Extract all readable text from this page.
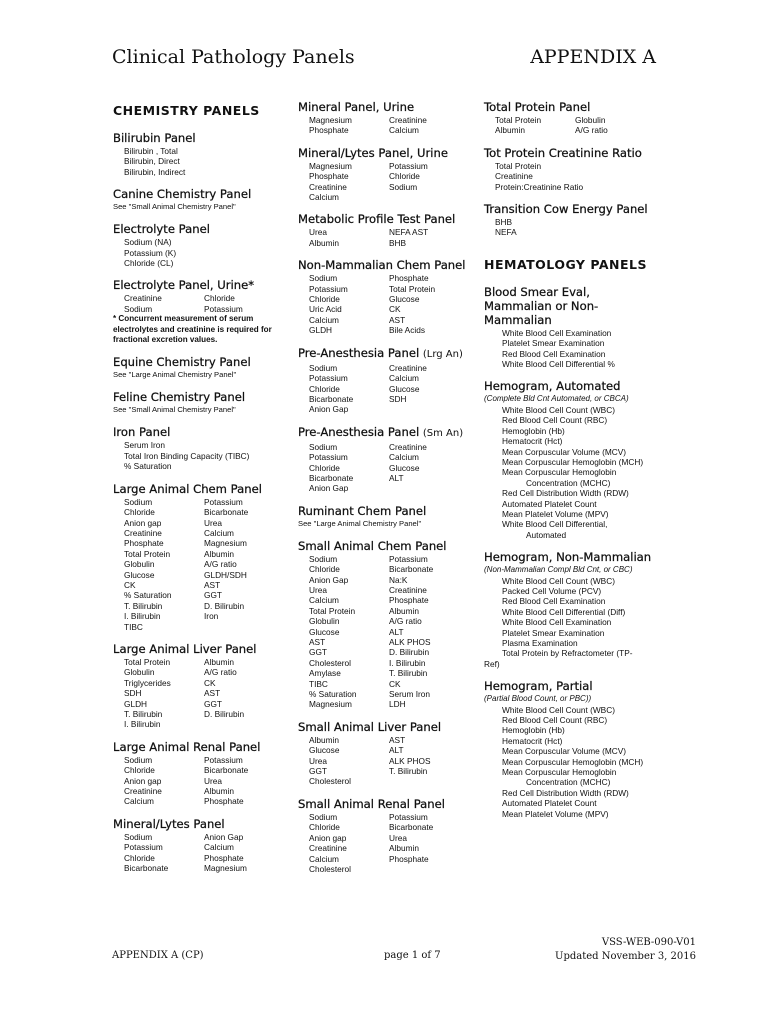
Clinical Pathology Panels	APPENDIX A
CHEMISTRY PANELS
Bilirubin Panel
Bilirubin , Total
Bilirubin, Direct
Bilirubin, Indirect
Canine Chemistry Panel
See "Small Animal Chemistry Panel"
Electrolyte Panel
Sodium (NA)
Potassium (K)
Chloride (CL)
Electrolyte Panel, Urine*
Creatinine	Chloride
Sodium	Potassium
* Concurrent measurement of serum electrolytes and creatinine is required for fractional excretion values.
Equine Chemistry Panel
See "Large Animal Chemistry Panel"
Feline Chemistry Panel
See "Small Animal Chemistry Panel"
Iron Panel
Serum Iron
Total Iron Binding Capacity (TIBC)
% Saturation
Large Animal Chem Panel
Sodium	Potassium
Chloride	Bicarbonate
Anion gap	Urea
Creatinine	Calcium
Phosphate	Magnesium
Total Protein	Albumin
Globulin	A/G ratio
Glucose	GLDH/SDH
CK	AST
% Saturation	GGT
T. Bilirubin	D. Bilirubin
I. Bilirubin	Iron
TIBC
Large Animal Liver Panel
Total Protein	Albumin
Globulin	A/G ratio
Triglycerides	CK
SDH	AST
GLDH	GGT
T. Bilirubin	D. Bilirubin
I. Bilirubin
Large Animal Renal Panel
Sodium	Potassium
Chloride	Bicarbonate
Anion gap	Urea
Creatinine	Albumin
Calcium	Phosphate
Mineral/Lytes Panel
Sodium	Anion Gap
Potassium	Calcium
Chloride	Phosphate
Bicarbonate	Magnesium
Mineral Panel, Urine
Magnesium	Creatinine
Phosphate	Calcium
Mineral/Lytes Panel, Urine
Magnesium	Potassium
Phosphate	Chloride
Creatinine	Sodium
Calcium
Metabolic Profile Test Panel
Urea	NEFA AST
Albumin	BHB
Non-Mammalian Chem Panel
Sodium	Phosphate
Potassium	Total Protein
Chloride	Glucose
Uric Acid	CK
Calcium	AST
GLDH	Bile Acids
Pre-Anesthesia Panel (Lrg An)
Sodium	Creatinine
Potassium	Calcium
Chloride	Glucose
Bicarbonate	SDH
Anion Gap
Pre-Anesthesia Panel (Sm An)
Sodium	Creatinine
Potassium	Calcium
Chloride	Glucose
Bicarbonate	ALT
Anion Gap
Ruminant Chem Panel
See "Large Animal Chemistry Panel"
Small Animal Chem Panel
Sodium	Potassium
Chloride	Bicarbonate
Anion Gap	Na:K
Urea	Creatinine
Calcium	Phosphate
Total Protein	Albumin
Globulin	A/G ratio
Glucose	ALT
AST	ALK PHOS
GGT	D. Bilirubin
Cholesterol	I. Bilirubin
Amylase	T. Bilirubin
TIBC	CK
% Saturation	Serum Iron
Magnesium	LDH
Small Animal Liver Panel
Albumin	AST
Glucose	ALT
Urea	ALK PHOS
GGT	T. Bilirubin
Cholesterol
Small Animal Renal Panel
Sodium	Potassium
Chloride	Bicarbonate
Anion gap	Urea
Creatinine	Albumin
Calcium	Phosphate
Cholesterol
Total Protein Panel
Total Protein	Globulin
Albumin	A/G ratio
Tot Protein Creatinine Ratio
Total Protein
Creatinine
Protein:Creatinine Ratio
Transition Cow Energy Panel
BHB
NEFA
HEMATOLOGY PANELS
Blood Smear Eval, Mammalian or Non-Mammalian
White Blood Cell Examination
Platelet Smear Examination
Red Blood Cell Examination
White Blood Cell Differential %
Hemogram, Automated
(Complete Bld Cnt Automated, or CBCA)
White Blood Cell Count (WBC)
Red Blood Cell Count (RBC)
Hemoglobin (Hb)
Hematocrit (Hct)
Mean Corpuscular Volume (MCV)
Mean Corpuscular Hemoglobin (MCH)
Mean Corpuscular Hemoglobin
Concentration (MCHC)
Red Cell Distribution Width (RDW)
Automated Platelet Count
Mean Platelet Volume (MPV)
White Blood Cell Differential,
Automated
Hemogram, Non-Mammalian
(Non-Mammalian Compl Bld Cnt, or CBC)
White Blood Cell Count (WBC)
Packed Cell Volume (PCV)
Red Blood Cell Examination
White Blood Cell Differential (Diff)
White Blood Cell Examination
Platelet Smear Examination
Plasma Examination
Total Protein by Refractometer (TP-
Ref)
Hemogram, Partial
(Partial Blood Count, or PBC))
White Blood Cell Count (WBC)
Red Blood Cell Count (RBC)
Hemoglobin (Hb)
Hematocrit (Hct)
Mean Corpuscular Volume (MCV)
Mean Corpuscular Hemoglobin (MCH)
Mean Corpuscular Hemoglobin
Concentration (MCHC)
Red Cell Distribution Width (RDW)
Automated Platelet Count
Mean Platelet Volume (MPV)
APPENDIX A (CP)	page 1 of 7
VSS-WEB-090-V01
Updated November 3, 2016
